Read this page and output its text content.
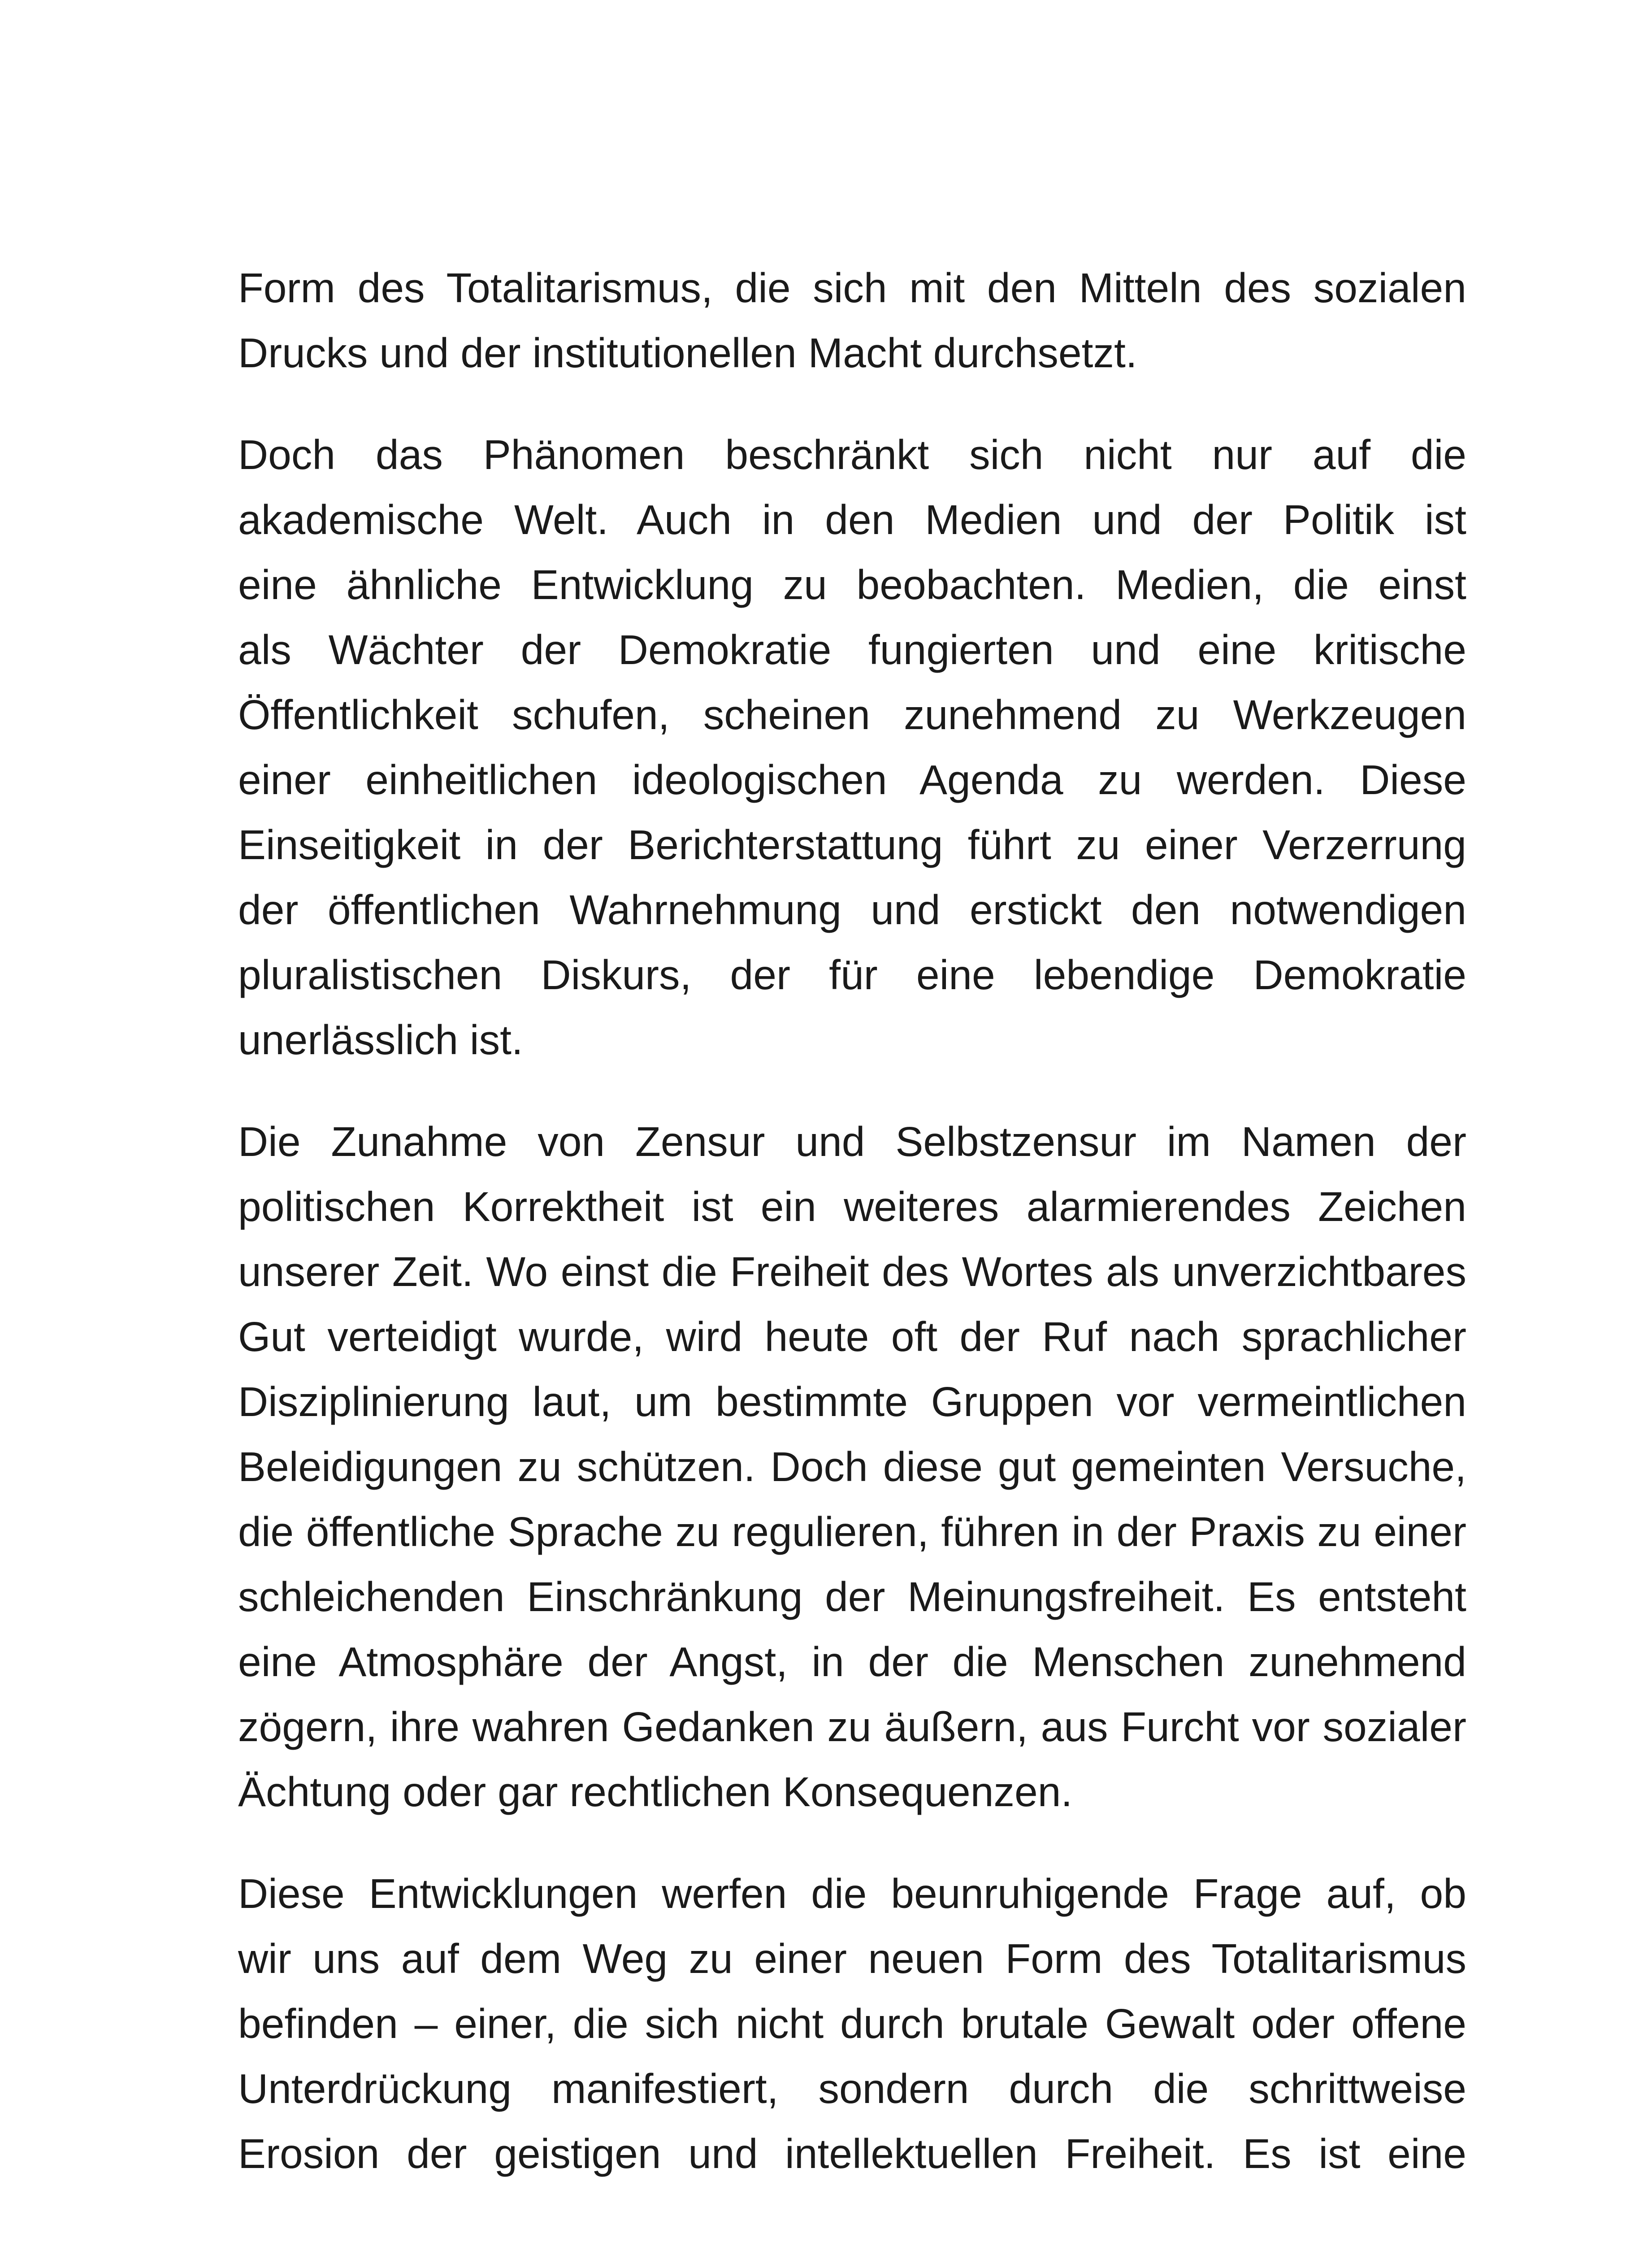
Form des Totalitarismus, die sich mit den Mitteln des sozialen
Drucks und der institutionellen Macht durchsetzt.
Doch das Phänomen beschränkt sich nicht nur auf die
akademische Welt. Auch in den Medien und der Politik ist
eine ähnliche Entwicklung zu beobachten. Medien, die einst
als Wächter der Demokratie fungierten und eine kritische
Öffentlichkeit schufen, scheinen zunehmend zu Werkzeugen
einer einheitlichen ideologischen Agenda zu werden. Diese
Einseitigkeit in der Berichterstattung führt zu einer Verzerrung
der öffentlichen Wahrnehmung und erstickt den notwendigen
pluralistischen Diskurs, der für eine lebendige Demokratie
unerlässlich ist.
Die Zunahme von Zensur und Selbstzensur im Namen der
politischen Korrektheit ist ein weiteres alarmierendes Zeichen
unserer Zeit. Wo einst die Freiheit des Wortes als unverzichtbares
Gut verteidigt wurde, wird heute oft der Ruf nach sprachlicher
Disziplinierung laut, um bestimmte Gruppen vor vermeintlichen
Beleidigungen zu schützen. Doch diese gut gemeinten Versuche,
die öffentliche Sprache zu regulieren, führen in der Praxis zu einer
schleichenden Einschränkung der Meinungsfreiheit. Es entsteht
eine Atmosphäre der Angst, in der die Menschen zunehmend
zögern, ihre wahren Gedanken zu äußern, aus Furcht vor sozialer
Ächtung oder gar rechtlichen Konsequenzen.
Diese Entwicklungen werfen die beunruhigende Frage auf, ob
wir uns auf dem Weg zu einer neuen Form des Totalitarismus
befinden – einer, die sich nicht durch brutale Gewalt oder offene
Unterdrückung manifestiert, sondern durch die schrittweise
Erosion der geistigen und intellektuellen Freiheit. Es ist eine
